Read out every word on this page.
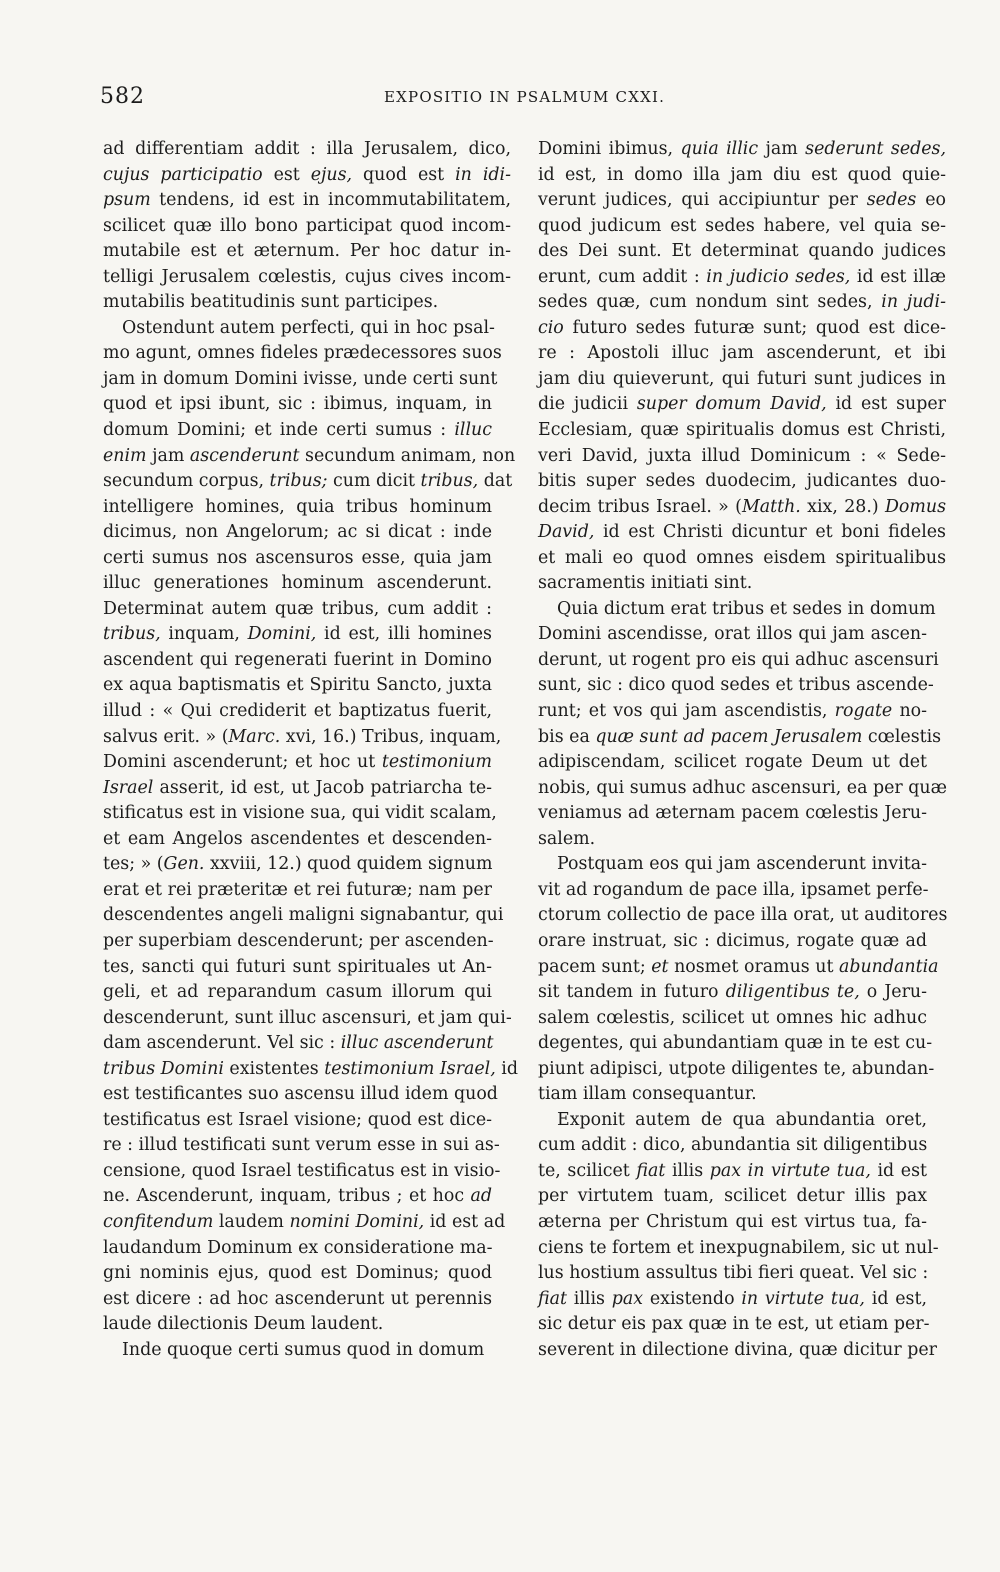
582	EXPOSITIO IN PSALMUM CXXI.

ad differentiam addit : illa Jerusalem, dico,
cujus participatio est ejus, quod est in idi-
psum tendens, id est in incommutabilitatem,
scilicet quæ illo bono participat quod incom-
mutabile est et æternum. Per hoc datur in-
telligi Jerusalem cœlestis, cujus cives incom-
mutabilis beatitudinis sunt participes.

Ostendunt autem perfecti, qui in hoc psal-
mo agunt, omnes fideles prædecessores suos
jam in domum Domini ivisse, unde certi sunt
quod et ipsi ibunt, sic : ibimus, inquam, in
domum Domini; et inde certi sumus : illuc
enim jam ascenderunt secundum animam, non
secundum corpus, tribus; cum dicit tribus, dat
intelligere homines, quia tribus hominum
dicimus, non Angelorum; ac si dicat : inde
certi sumus nos ascensuros esse, quia jam
illuc generationes hominum ascenderunt.
Determinat autem quæ tribus, cum addit :
tribus, inquam, Domini, id est, illi homines
ascendent qui regenerati fuerint in Domino
ex aqua baptismatis et Spiritu Sancto, juxta
illud : « Qui crediderit et baptizatus fuerit,
salvus erit. » (Marc. xvi, 16.) Tribus, inquam,
Domini ascenderunt; et hoc ut testimonium
Israel asserit, id est, ut Jacob patriarcha te-
stificatus est in visione sua, qui vidit scalam,
et eam Angelos ascendentes et descenden-
tes; » (Gen. xxviii, 12.) quod quidem signum
erat et rei præteritæ et rei futuræ; nam per
descendentes angeli maligni signabantur, qui
per superbiam descenderunt; per ascenden-
tes, sancti qui futuri sunt spirituales ut An-
geli, et ad reparandum casum illorum qui
descenderunt, sunt illuc ascensuri, et jam qui-
dam ascenderunt. Vel sic : illuc ascenderunt
tribus Domini existentes testimonium Israel, id
est testificantes suo ascensu illud idem quod
testificatus est Israel visione; quod est dice-
re : illud testificati sunt verum esse in sui as-
censione, quod Israel testificatus est in visio-
ne. Ascenderunt, inquam, tribus ; et hoc ad
confitendum laudem nomini Domini, id est ad
laudandum Dominum ex consideratione ma-
gni nominis ejus, quod est Dominus; quod
est dicere : ad hoc ascenderunt ut perennis
laude dilectionis Deum laudent.

Inde quoque certi sumus quod in domum

Domini ibimus, quia illic jam sederunt sedes,
id est, in domo illa jam diu est quod quie-
verunt judices, qui accipiuntur per sedes eo
quod judicum est sedes habere, vel quia se-
des Dei sunt. Et determinat quando judices
erunt, cum addit : in judicio sedes, id est illæ
sedes quæ, cum nondum sint sedes, in judi-
cio futuro sedes futuræ sunt; quod est dice-
re : Apostoli illuc jam ascenderunt, et ibi
jam diu quieverunt, qui futuri sunt judices in
die judicii super domum David, id est super
Ecclesiam, quæ spiritualis domus est Christi,
veri David, juxta illud Dominicum : « Sede-
bitis super sedes duodecim, judicantes duo-
decim tribus Israel. » (Matth. xix, 28.) Domus
David, id est Christi dicuntur et boni fideles
et mali eo quod omnes eisdem spiritualibus
sacramentis initiati sint.

Quia dictum erat tribus et sedes in domum
Domini ascendisse, orat illos qui jam ascen-
derunt, ut rogent pro eis qui adhuc ascensuri
sunt, sic : dico quod sedes et tribus ascende-
runt; et vos qui jam ascendistis, rogate no-
bis ea quæ sunt ad pacem Jerusalem cœlestis
adipiscendam, scilicet rogate Deum ut det
nobis, qui sumus adhuc ascensuri, ea per quæ
veniamus ad æternam pacem cœlestis Jeru-
salem.

Postquam eos qui jam ascenderunt invita-
vit ad rogandum de pace illa, ipsamet perfe-
ctorum collectio de pace illa orat, ut auditores
orare instruat, sic : dicimus, rogate quæ ad
pacem sunt; et nosmet oramus ut abundantia
sit tandem in futuro diligentibus te, o Jeru-
salem cœlestis, scilicet ut omnes hic adhuc
degentes, qui abundantiam quæ in te est cu-
piunt adipisci, utpote diligentes te, abundan-
tiam illam consequantur.

Exponit autem de qua abundantia oret,
cum addit : dico, abundantia sit diligentibus
te, scilicet fiat illis pax in virtute tua, id est
per virtutem tuam, scilicet detur illis pax
æterna per Christum qui est virtus tua, fa-
ciens te fortem et inexpugnabilem, sic ut nul-
lus hostium assultus tibi fieri queat. Vel sic :
fiat illis pax existendo in virtute tua, id est,
sic detur eis pax quæ in te est, ut etiam per-
severent in dilectione divina, quæ dicitur per
